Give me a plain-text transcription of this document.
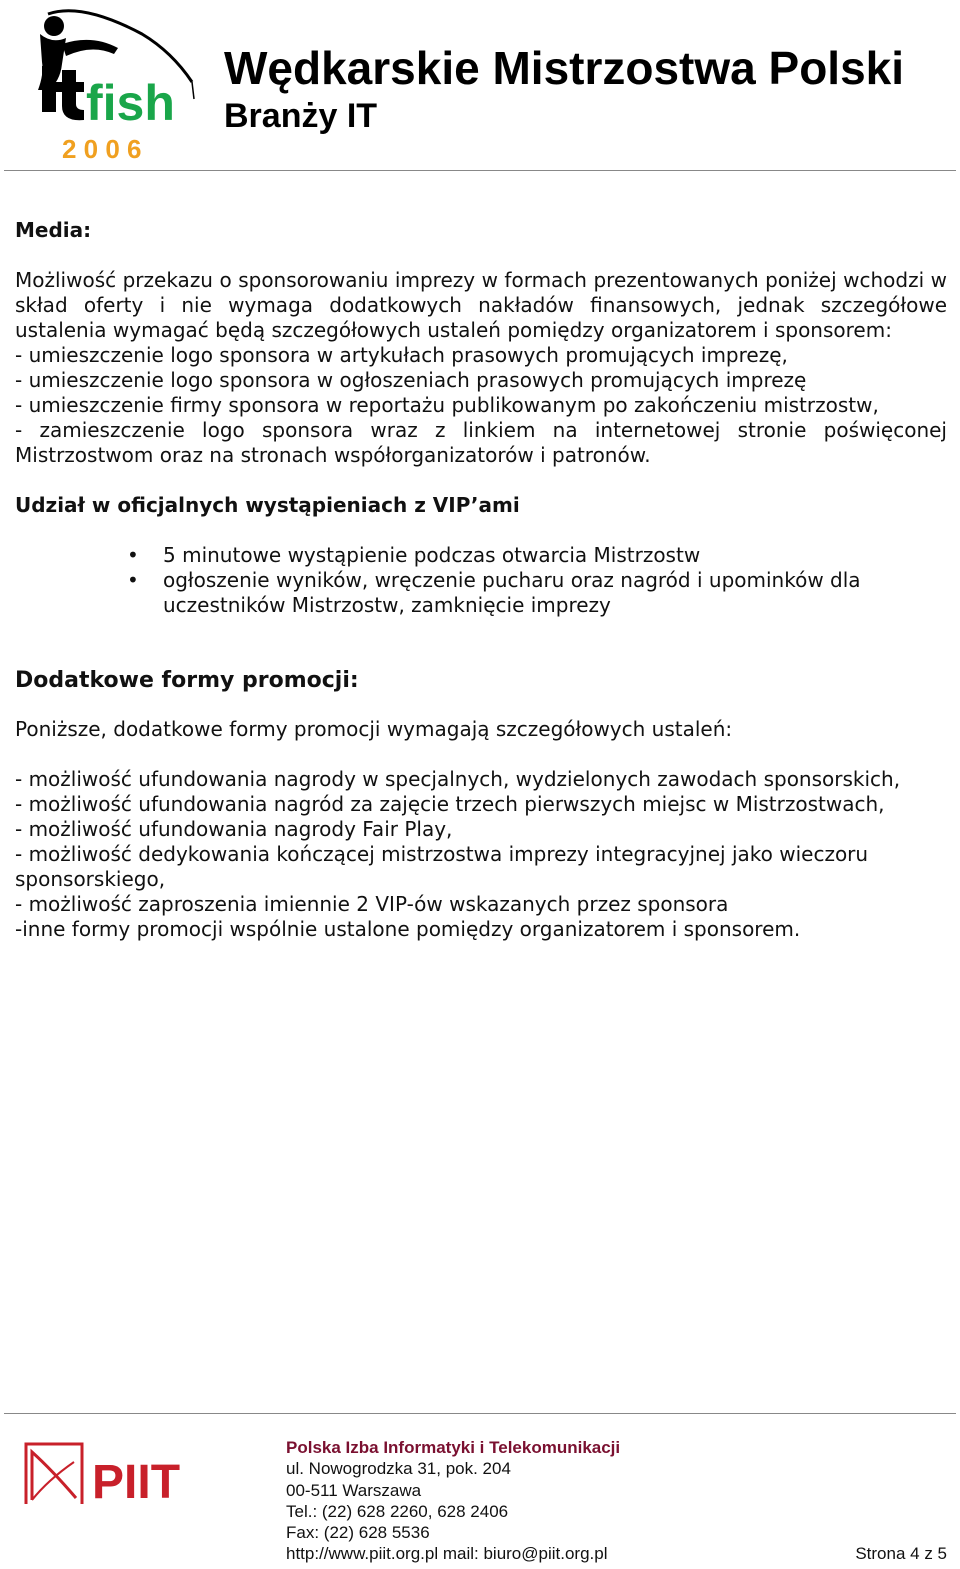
fish
2 0 0 6
Wędkarskie Mistrzostwa Polski
Branży IT

Media:

Możliwość przekazu o sponsorowaniu imprezy w formach prezentowanych poniżej wchodzi w skład oferty i nie wymaga dodatkowych nakładów finansowych, jednak szczegółowe ustalenia wymagać będą szczegółowych ustaleń pomiędzy organizatorem i sponsorem:

- umieszczenie logo sponsora w artykułach prasowych promujących imprezę,

- umieszczenie logo sponsora w ogłoszeniach prasowych promujących imprezę

- umieszczenie firmy sponsora w reportażu publikowanym po zakończeniu mistrzostw,

- zamieszczenie logo sponsora wraz z linkiem na internetowej stronie poświęconej Mistrzostwom oraz na stronach współorganizatorów i patronów.

Udział w oficjalnych wystąpieniach z VIP’ami

• 5 minutowe wystąpienie podczas otwarcia Mistrzostw
• ogłoszenie wyników, wręczenie pucharu oraz nagród i upominków dla uczestników Mistrzostw, zamknięcie imprezy

Dodatkowe formy promocji:

Poniższe, dodatkowe formy promocji wymagają szczegółowych ustaleń:

- możliwość ufundowania nagrody w specjalnych, wydzielonych zawodach sponsorskich,

- możliwość ufundowania nagród za zajęcie trzech pierwszych miejsc w Mistrzostwach,

- możliwość ufundowania nagrody Fair Play,

- możliwość dedykowania kończącej mistrzostwa imprezy integracyjnej jako wieczoru sponsorskiego,

- możliwość zaproszenia imiennie 2 VIP-ów wskazanych przez sponsora

-inne formy promocji wspólnie ustalone pomiędzy organizatorem i sponsorem.

PIIT
Polska Izba Informatyki i Telekomunikacji
ul. Nowogrodzka 31, pok. 204
00-511 Warszawa
Tel.: (22) 628 2260, 628 2406
Fax: (22) 628 5536
http://www.piit.org.pl mail: biuro@piit.org.pl	Strona 4 z 5
